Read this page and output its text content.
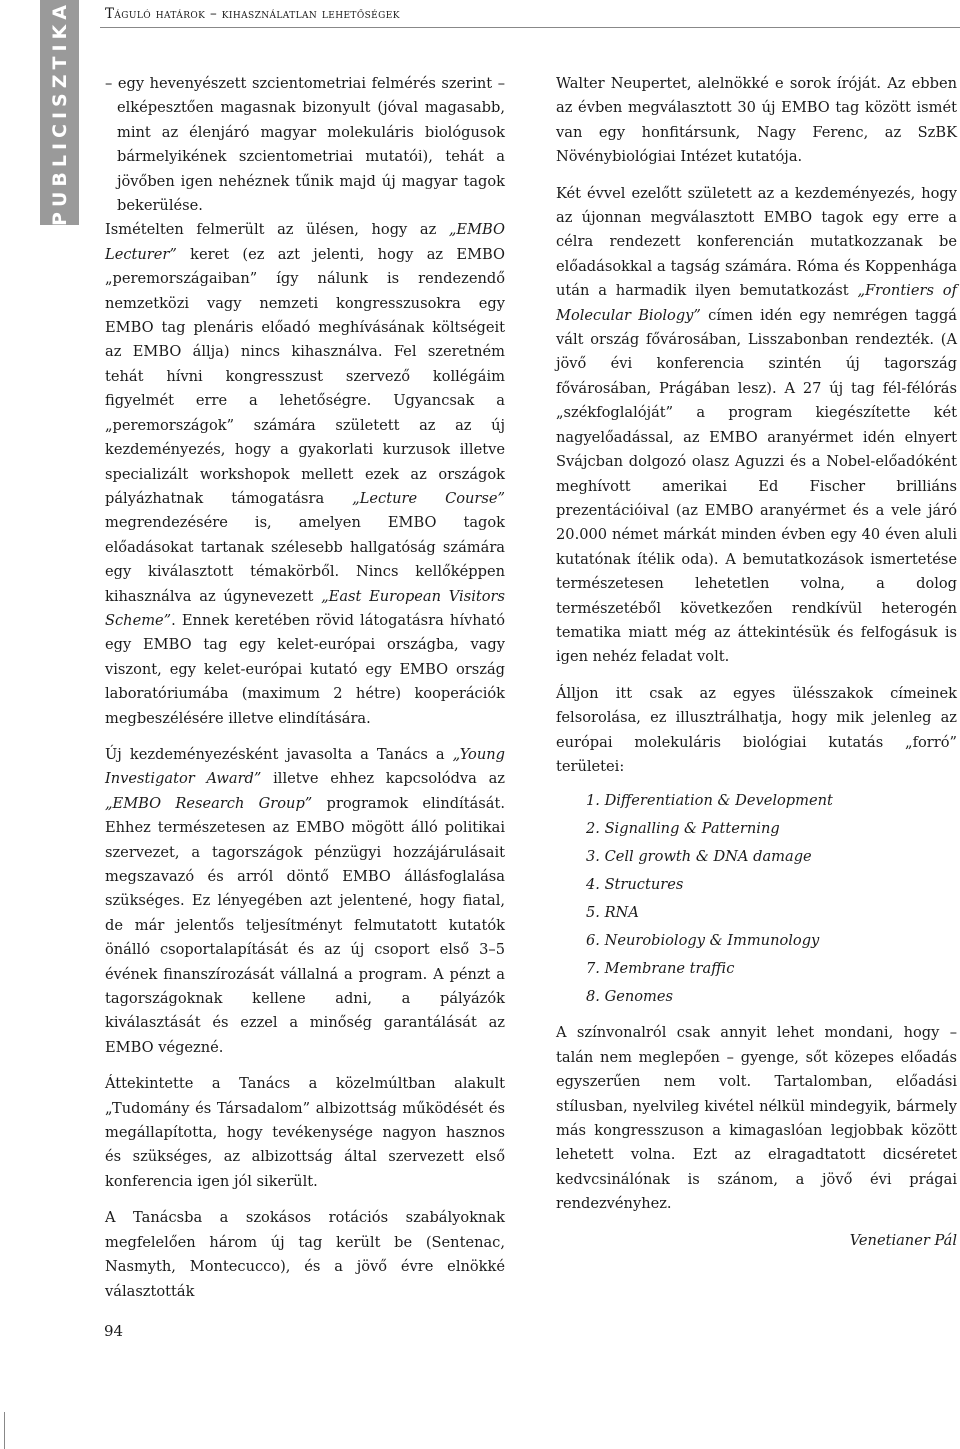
PUBLICISZTIKA	Táguló határok – kihasználatlan lehetőségek

– egy hevenyészett szcientometriai felmérés szerint – elképesztően magasnak bizonyult (jóval magasabb, mint az élenjáró magyar molekuláris biológusok bármelyikének szcientometriai mutatói), tehát a jövőben igen nehéznek tűnik majd új magyar tagok bekerülése.

Ismételten felmerült az ülésen, hogy az „EMBO Lecturer” keret (ez azt jelenti, hogy az EMBO „peremországaiban” így nálunk is rendezendő nemzetközi vagy nemzeti kongresszusokra egy EMBO tag plenáris előadó meghívásának költségeit az EMBO állja) nincs kihasználva. Fel szeretném tehát hívni kongresszust szervező kollégáim figyelmét erre a lehetőségre. Ugyancsak a „peremországok” számára született az az új kezdeményezés, hogy a gyakorlati kurzusok illetve specializált workshopok mellett ezek az országok pályázhatnak támogatásra „Lecture Course” megrendezésére is, amelyen EMBO tagok előadásokat tartanak szélesebb hallgatóság számára egy kiválasztott témakörből. Nincs kellőképpen kihasználva az úgynevezett „East European Visitors Scheme”. Ennek keretében rövid látogatásra hívható egy EMBO tag egy kelet-európai országba, vagy viszont, egy kelet-európai kutató egy EMBO ország laboratóriumába (maximum 2 hétre) kooperációk megbeszélésére illetve elindítására.

Új kezdeményezésként javasolta a Tanács a „Young Investigator Award” illetve ehhez kapcsolódva az „EMBO Research Group” programok elindítását. Ehhez természetesen az EMBO mögött álló politikai szervezet, a tagországok pénzügyi hozzájárulásait megszavazó és arról döntő EMBO állásfoglalása szükséges. Ez lényegében azt jelentené, hogy fiatal, de már jelentős teljesítményt felmutatott kutatók önálló csoportalapítását és az új csoport első 3–5 évének finanszírozását vállalná a program. A pénzt a tagországoknak kellene adni, a pályázók kiválasztását és ezzel a minőség garantálását az EMBO végezné.

Áttekintette a Tanács a közelmúltban alakult „Tudomány és Társadalom” albizottság működését és megállapította, hogy tevékenysége nagyon hasznos és szükséges, az albizottság által szervezett első konferencia igen jól sikerült.

A Tanácsba a szokásos rotációs szabályoknak megfelelően három új tag került be (Sentenac, Nasmyth, Montecucco), és a jövő évre elnökké választották

Walter Neupertet, alelnökké e sorok íróját. Az ebben az évben megválasztott 30 új EMBO tag között ismét van egy honfitársunk, Nagy Ferenc, az SzBK Növénybiológiai Intézet kutatója.

Két évvel ezelőtt született az a kezdeményezés, hogy az újonnan megválasztott EMBO tagok egy erre a célra rendezett konferencián mutatkozzanak be előadásokkal a tagság számára. Róma és Koppenhága után a harmadik ilyen bemutatkozást „Frontiers of Molecular Biology” címen idén egy nemrégen taggá vált ország fővárosában, Lisszabonban rendezték. (A jövő évi konferencia szintén új tagország fővárosában, Prágában lesz). A 27 új tag fél-félórás „székfoglalóját” a program kiegészítette két nagyelőadással, az EMBO aranyérmet idén elnyert Svájcban dolgozó olasz Aguzzi és a Nobel-előadóként meghívott amerikai Ed Fischer brilliáns prezentációival (az EMBO aranyérmet és a vele járó 20.000 német márkát minden évben egy 40 éven aluli kutatónak ítélik oda). A bemutatkozások ismertetése természetesen lehetetlen volna, a dolog természetéből következően rendkívül heterogén tematika miatt még az áttekintésük és felfogásuk is igen nehéz feladat volt.

Álljon itt csak az egyes ülésszakok címeinek felsorolása, ez illusztrálhatja, hogy mik jelenleg az európai molekuláris biológiai kutatás „forró” területei:

1. Differentiation & Development
2. Signalling & Patterning
3. Cell growth & DNA damage
4. Structures
5. RNA
6. Neurobiology & Immunology
7. Membrane traffic
8. Genomes

A színvonalról csak annyit lehet mondani, hogy – talán nem meglepően – gyenge, sőt közepes előadás egyszerűen nem volt. Tartalomban, előadási stílusban, nyelvileg kivétel nélkül mindegyik, bármely más kongresszuson a kimagaslóan legjobbak között lehetett volna. Ezt az elragadtatott dicséretet kedvcsinálónak is szánom, a jövő évi prágai rendezvényhez.

Venetianer Pál

94
